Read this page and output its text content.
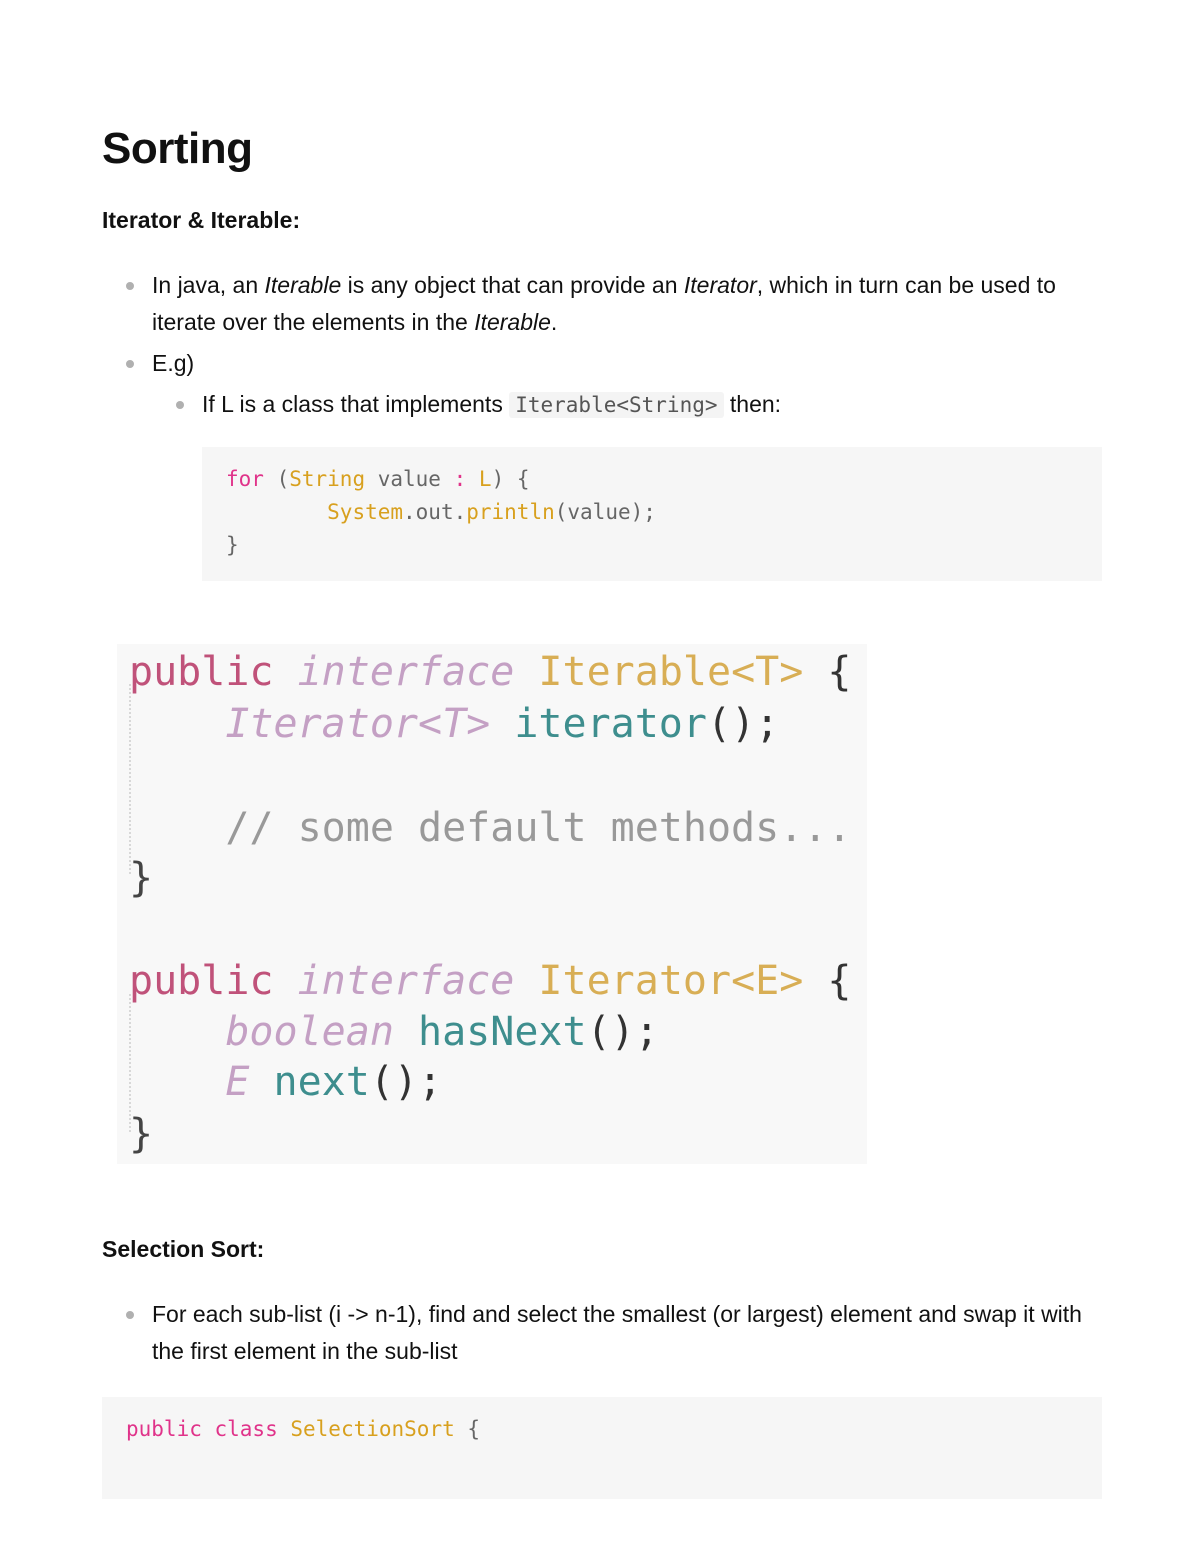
Sorting
Iterator & Iterable:
In java, an Iterable is any object that can provide an Iterator, which in turn can be used to iterate over the elements in the Iterable.
E.g)
If L is a class that implements Iterable<String> then:
for (String value : L) {
System.out.println(value);
}
public interface Iterable<T> {
Iterator<T> iterator();
// some default methods...
}
public interface Iterator<E> {
boolean hasNext();
E next();
}
Selection Sort:
For each sub-list (i -> n-1), find and select the smallest (or largest) element and swap it with the first element in the sub-list
public class SelectionSort {
